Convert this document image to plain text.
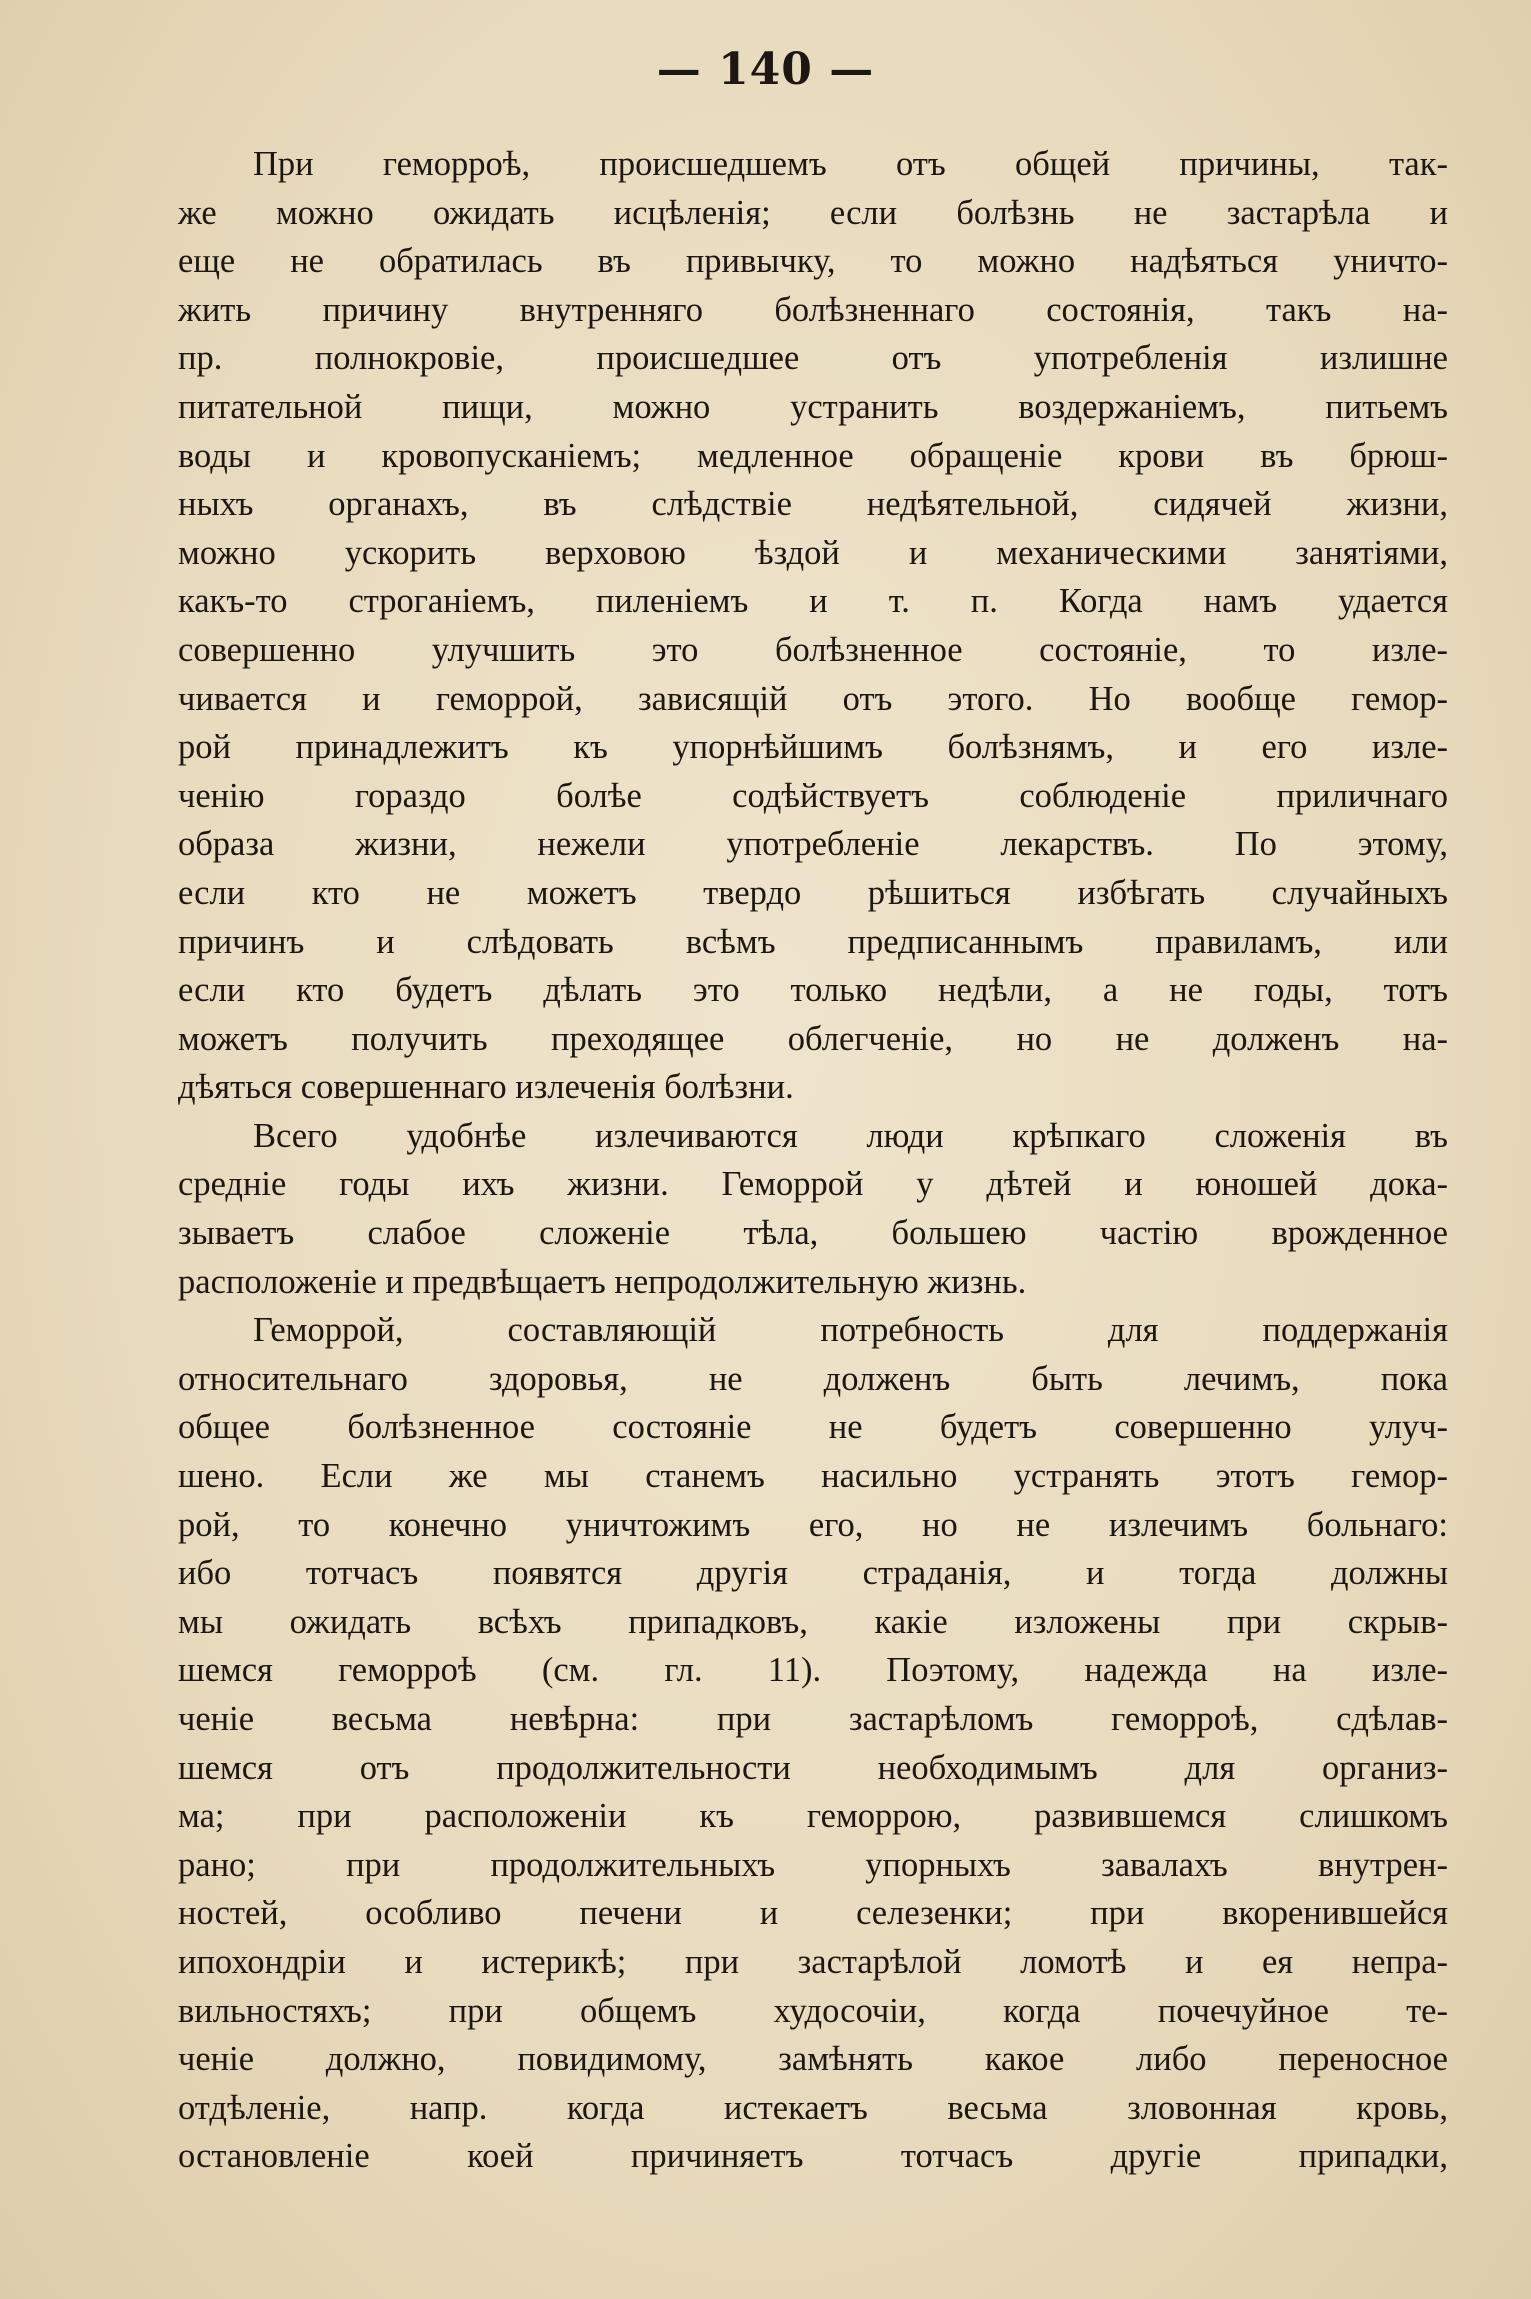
— 140 —
При геморроѣ, происшедшемъ отъ общей причины, так-
же можно ожидать исцѣленія; если болѣзнь не застарѣла и
еще не обратилась въ привычку, то можно надѣяться уничто-
жить причину внутренняго болѣзненнаго состоянія, такъ на-
пр. полнокровіе, происшедшее отъ употребленія излишне
питательной пищи, можно устранить воздержаніемъ, питьемъ
воды и кровопусканіемъ; медленное обращеніе крови въ брюш-
ныхъ органахъ, въ слѣдствіе недѣятельной, сидячей жизни,
можно ускорить верховою ѣздой и механическими занятіями,
какъ-то строганіемъ, пиленіемъ и т. п. Когда намъ удается
совершенно улучшить это болѣзненное состояніе, то изле-
чивается и геморрой, зависящій отъ этого. Но вообще гемор-
рой принадлежитъ къ упорнѣйшимъ болѣзнямъ, и его изле-
ченію гораздо болѣе содѣйствуетъ соблюденіе приличнаго
образа жизни, нежели употребленіе лекарствъ. По этому,
если кто не можетъ твердо рѣшиться избѣгать случайныхъ
причинъ и слѣдовать всѣмъ предписаннымъ правиламъ, или
если кто будетъ дѣлать это только недѣли, а не годы, тотъ
можетъ получить преходящее облегченіе, но не долженъ на-
дѣяться совершеннаго излеченія болѣзни.
Всего удобнѣе излечиваются люди крѣпкаго сложенія въ
средніе годы ихъ жизни. Геморрой у дѣтей и юношей дока-
зываетъ слабое сложеніе тѣла, большею частію врожденное
расположеніе и предвѣщаетъ непродолжительную жизнь.
Геморрой, составляющій потребность для поддержанія
относительнаго здоровья, не долженъ быть лечимъ, пока
общее болѣзненное состояніе не будетъ совершенно улуч-
шено. Если же мы станемъ насильно устранять этотъ гемор-
рой, то конечно уничтожимъ его, но не излечимъ больнаго:
ибо тотчасъ появятся другія страданія, и тогда должны
мы ожидать всѣхъ припадковъ, какіе изложены при скрыв-
шемся геморроѣ (см. гл. 11). Поэтому, надежда на изле-
ченіе весьма невѣрна: при застарѣломъ геморроѣ, сдѣлав-
шемся отъ продолжительности необходимымъ для организ-
ма; при расположеніи къ геморрою, развившемся слишкомъ
рано; при продолжительныхъ упорныхъ завалахъ внутрен-
ностей, особливо печени и селезенки; при вкоренившейся
ипохондріи и истерикѣ; при застарѣлой ломотѣ и ея непра-
вильностяхъ; при общемъ худосочіи, когда почечуйное те-
ченіе должно, повидимому, замѣнять какое либо переносное
отдѣленіе, напр. когда истекаетъ весьма зловонная кровь,
остановленіе коей причиняетъ тотчасъ другіе припадки,
